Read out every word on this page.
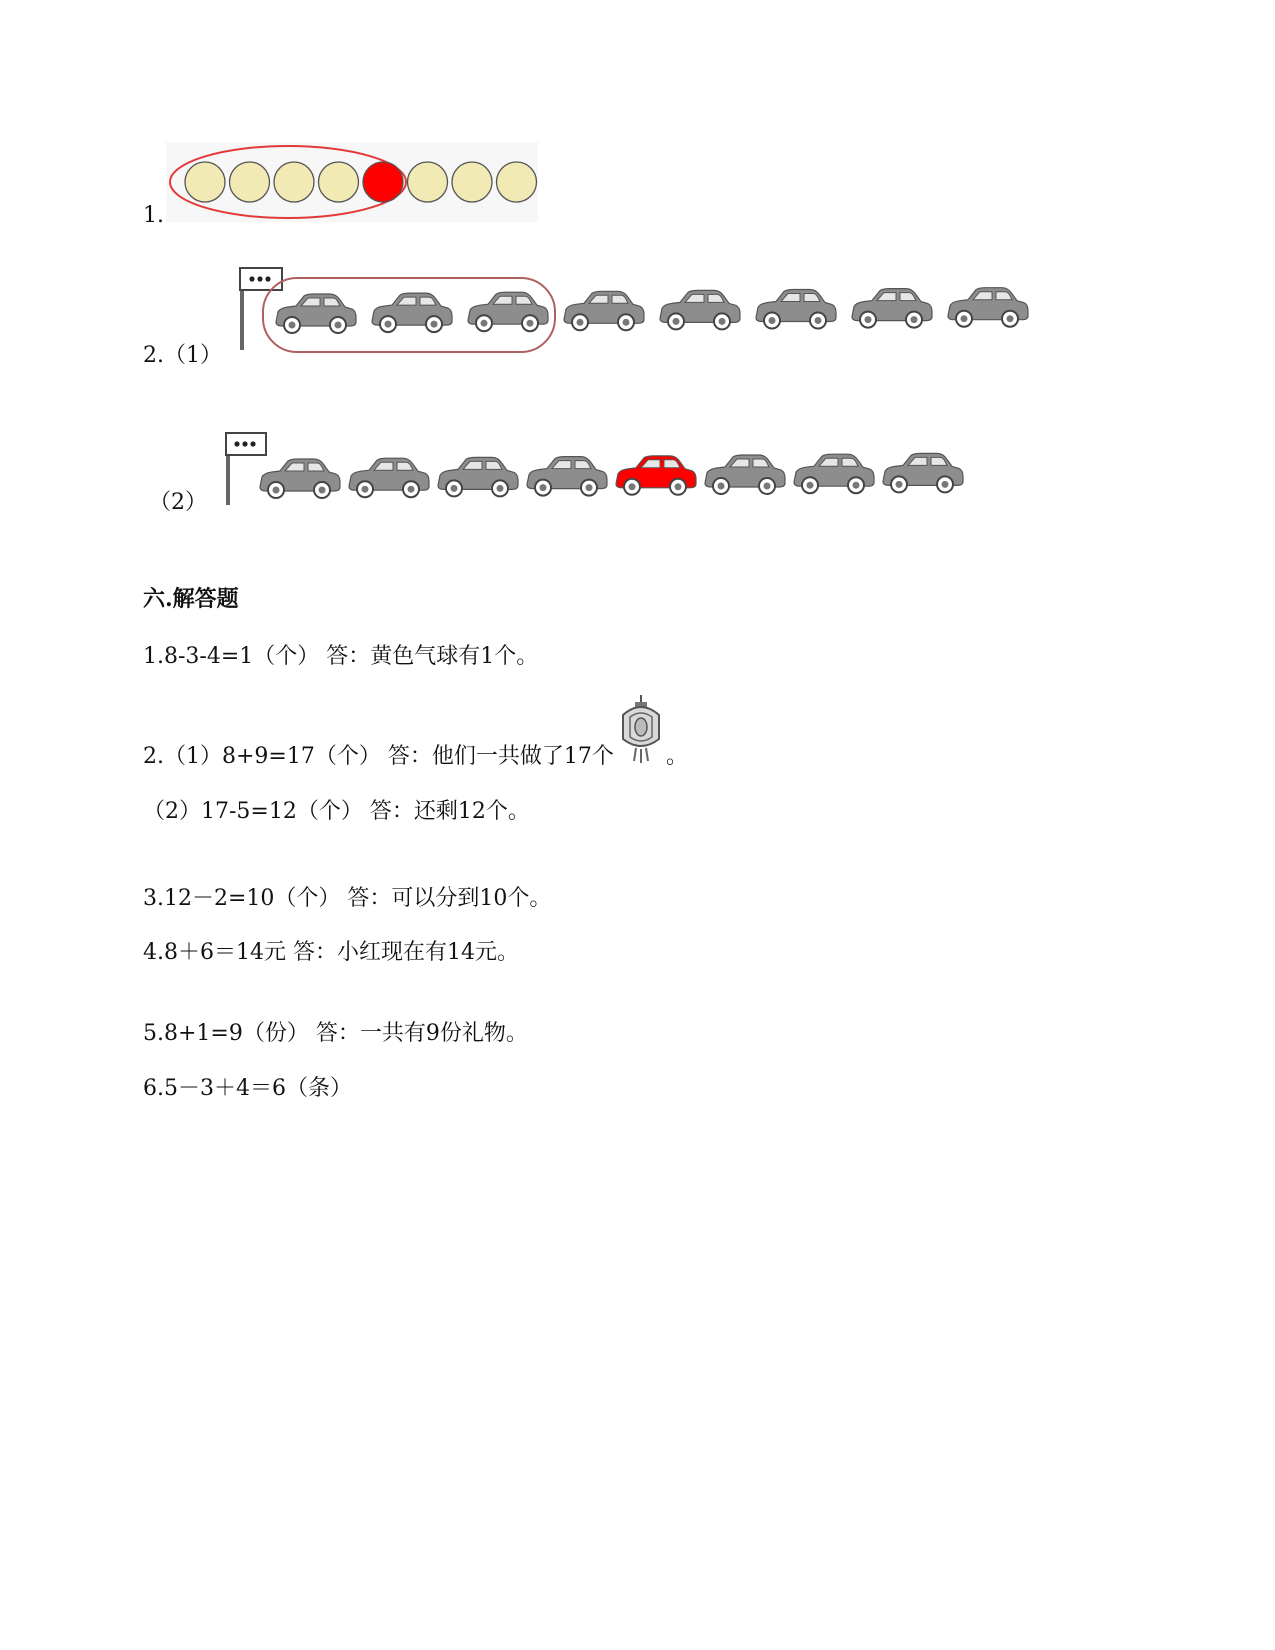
1.
2.（1）
（2）
六.解答题
1.8-3-4=1（个） 答：黄色气球有1个。
2.（1）8+9=17（个） 答：他们一共做了17个 。
（2）17-5=12（个） 答：还剩12个。
3.12－2=10（个） 答：可以分到10个。
4.8＋6＝14元 答：小红现在有14元。
5.8+1=9（份） 答：一共有9份礼物。
6.5－3＋4＝6（条）
